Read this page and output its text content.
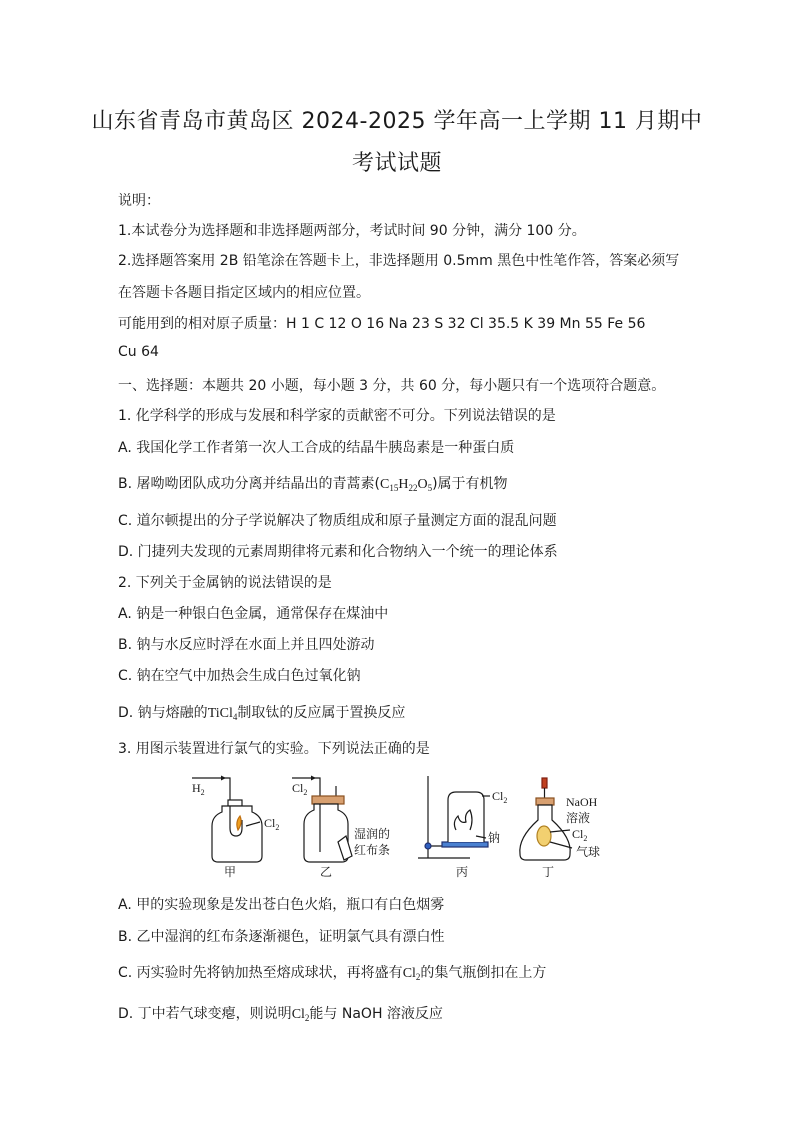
山东省青岛市黄岛区 2024-2025 学年高一上学期 11 月期中
考试试题
说明：
1.本试卷分为选择题和非选择题两部分，考试时间 90 分钟，满分 100 分。
2.选择题答案用 2B 铅笔涂在答题卡上，非选择题用 0.5mm 黑色中性笔作答，答案必须写
在答题卡各题目指定区域内的相应位置。
可能用到的相对原子质量：H 1 C 12 O 16 Na 23 S 32 Cl 35.5 K 39 Mn 55 Fe 56
Cu 64
一、选择题：本题共 20 小题，每小题 3 分，共 60 分，每小题只有一个选项符合题意。
1. 化学科学的形成与发展和科学家的贡献密不可分。下列说法错误的是
A. 我国化学工作者第一次人工合成的结晶牛胰岛素是一种蛋白质
B. 屠呦呦团队成功分离并结晶出的青蒿素$(C_{15}H_{22}O_5)$属于有机物
C. 道尔顿提出的分子学说解决了物质组成和原子量测定方面的混乱问题
D. 门捷列夫发现的元素周期律将元素和化合物纳入一个统一的理论体系
2. 下列关于金属钠的说法错误的是
A. 钠是一种银白色金属，通常保存在煤油中
B. 钠与水反应时浮在水面上并且四处游动
C. 钠在空气中加热会生成白色过氧化钠
D. 钠与熔融的TiCl$_4$制取钛的反应属于置换反应
3. 用图示装置进行氯气的实验。下列说法正确的是
$H_2$
$Cl_2$
$Cl_2$
湿润的
红布条
$Cl_2$
钠
NaOH
溶液
$Cl_2$
气球
甲	乙	丙	丁
A. 甲的实验现象是发出苍白色火焰，瓶口有白色烟雾
B. 乙中湿润的红布条逐渐褪色，证明氯气具有漂白性
C. 丙实验时先将钠加热至熔成球状，再将盛有$Cl_2$的集气瓶倒扣在上方
D. 丁中若气球变瘪，则说明$Cl_2$能与 NaOH 溶液反应
